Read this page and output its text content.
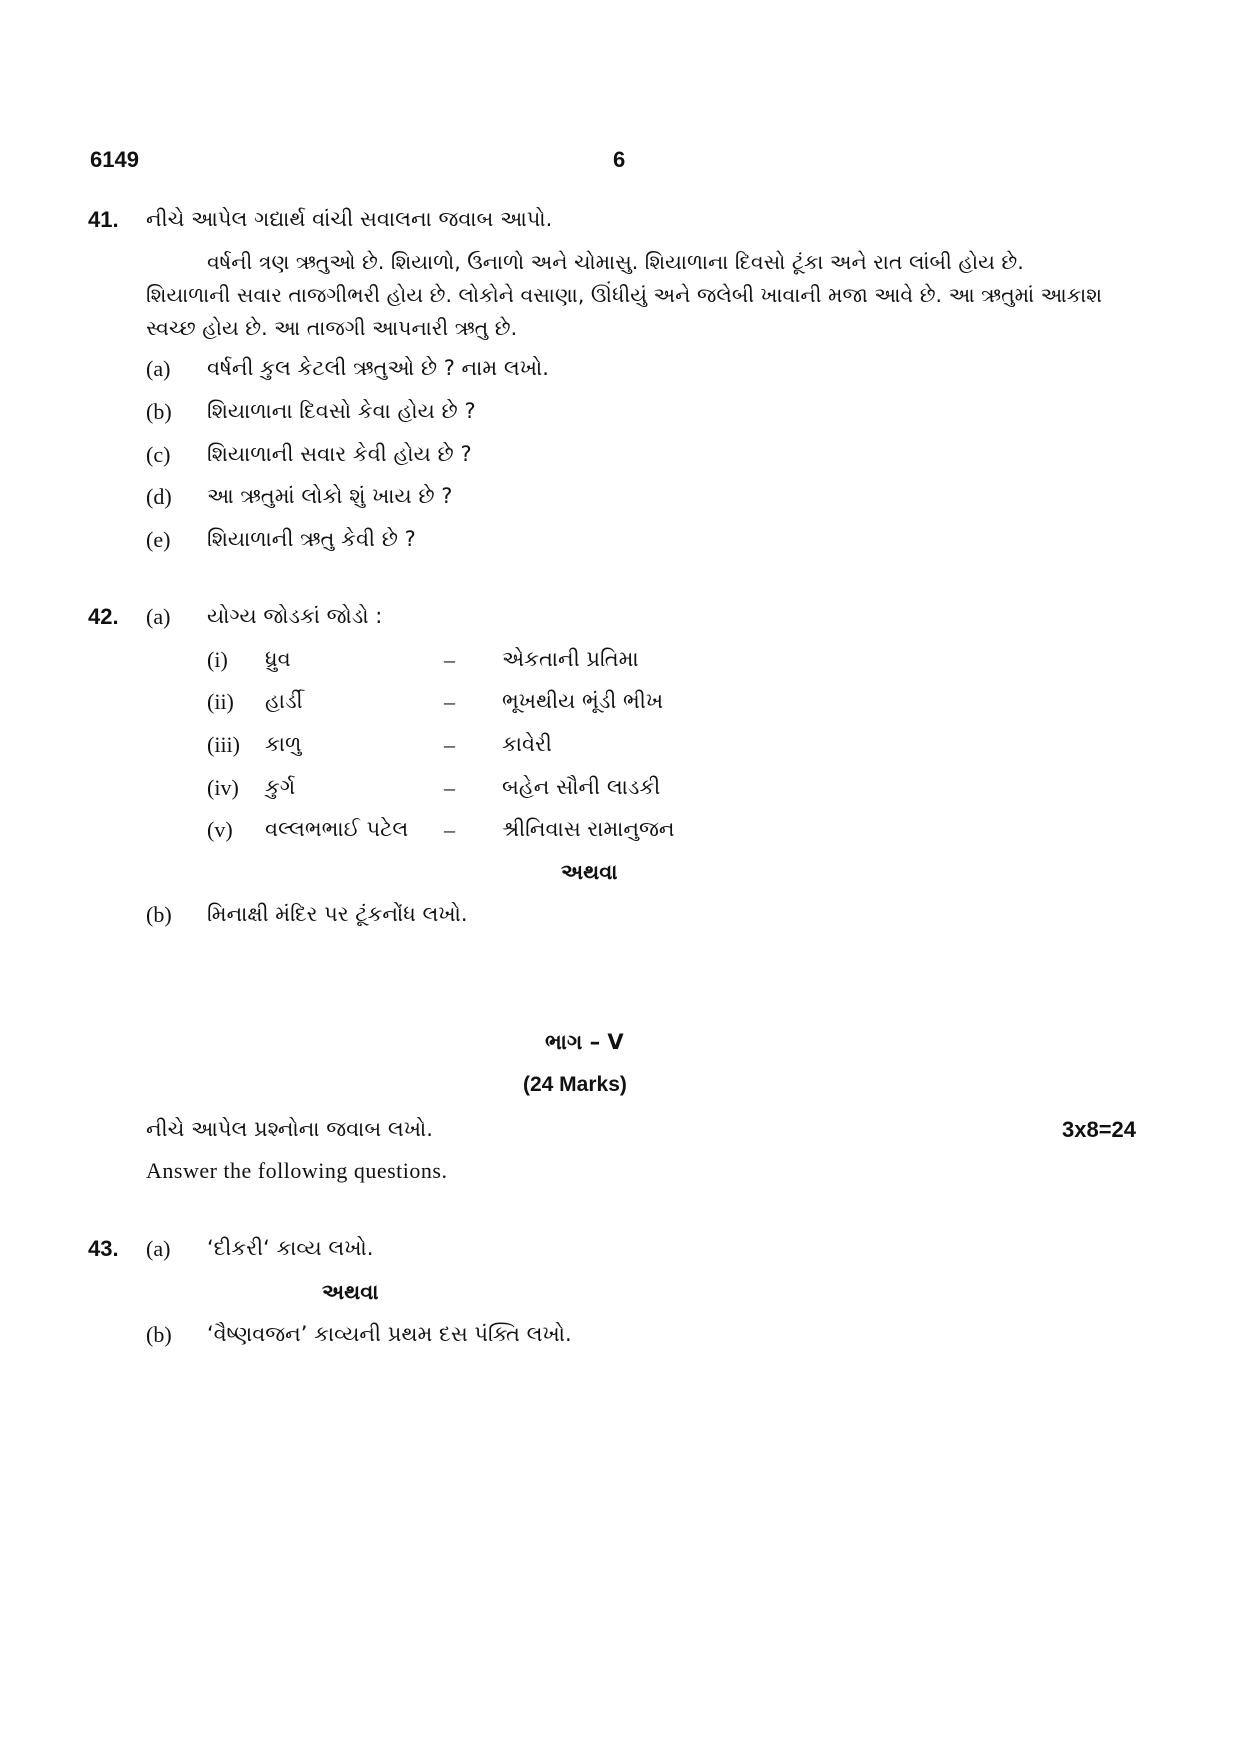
6149	6
41. નીચે આપેલ ગદ્યાર્થ વાંચી સવાલના જવાબ આપો.
વર્ષની ત્રણ ઋતુઓ છે. શિયાળો, ઉનાળો અને ચોમાસુ. શિયાળાના દિવસો ટૂંકા અને રાત લાંબી હોય છે.
શિયાળાની સવાર તાજગીભરી હોય છે. લોકોને વસાણા, ઊંધીયું અને જલેબી ખાવાની મજા આવે છે. આ ઋતુમાં આકાશ
સ્વચ્છ હોય છે. આ તાજગી આપનારી ઋતુ છે.
(a) વર્ષની કુલ કેટલી ઋતુઓ છે ? નામ લખો.
(b) શિયાળાના દિવસો કેવા હોય છે ?
(c) શિયાળાની સવાર કેવી હોય છે ?
(d) આ ઋતુમાં લોકો શું ખાય છે ?
(e) શિયાળાની ઋતુ કેવી છે ?
42. (a) યોગ્ય જોડકાં જોડો :
(i) ધ્રુવ	– એકતાની પ્રતિમા
(ii) હાર્ડી	– ભૂખથીય ભૂંડી ભીખ
(iii) કાળુ	– કાવેરી
(iv) કુર્ગ	– બહેન સૌની લાડકી
(v) વલ્લભભાઈ પટેલ – શ્રીનિવાસ રામાનુજન
અથવા
(b) મિનાક્ષી મંદિર પર ટૂંકનોંધ લખો.
ભાગ – V
(24 Marks)
નીચે આપેલ પ્રશ્નોના જવાબ લખો.	3x8=24
Answer the following questions.
43. (a) ‘દીકરી‘ કાવ્ય લખો.
અથવા
(b) ‘વૈષ્ણવજન’ કાવ્યની પ્રથમ દસ પંક્તિ લખો.
